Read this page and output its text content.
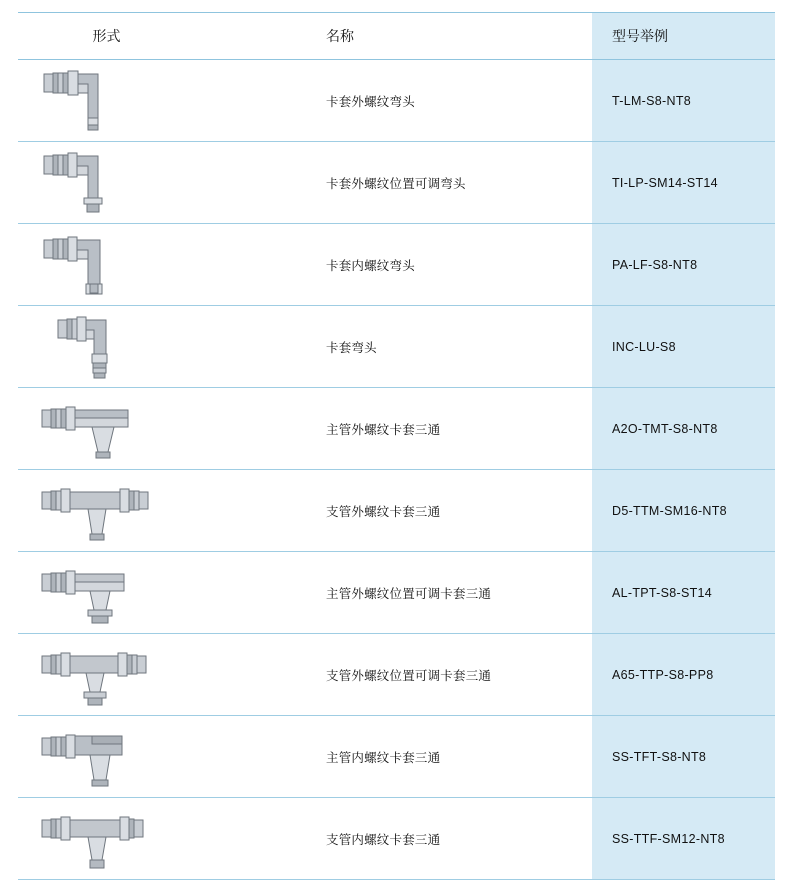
形式	名称	型号举例

	卡套外螺纹弯头	T-LM-S8-NT8

	卡套外螺纹位置可调弯头	TI-LP-SM14-ST14

	卡套内螺纹弯头	PA-LF-S8-NT8

	卡套弯头	INC-LU-S8

	主管外螺纹卡套三通	A2O-TMT-S8-NT8

	支管外螺纹卡套三通	D5-TTM-SM16-NT8

	主管外螺纹位置可调卡套三通	AL-TPT-S8-ST14

	支管外螺纹位置可调卡套三通	A65-TTP-S8-PP8

	主管内螺纹卡套三通	SS-TFT-S8-NT8

	支管内螺纹卡套三通	SS-TTF-SM12-NT8
